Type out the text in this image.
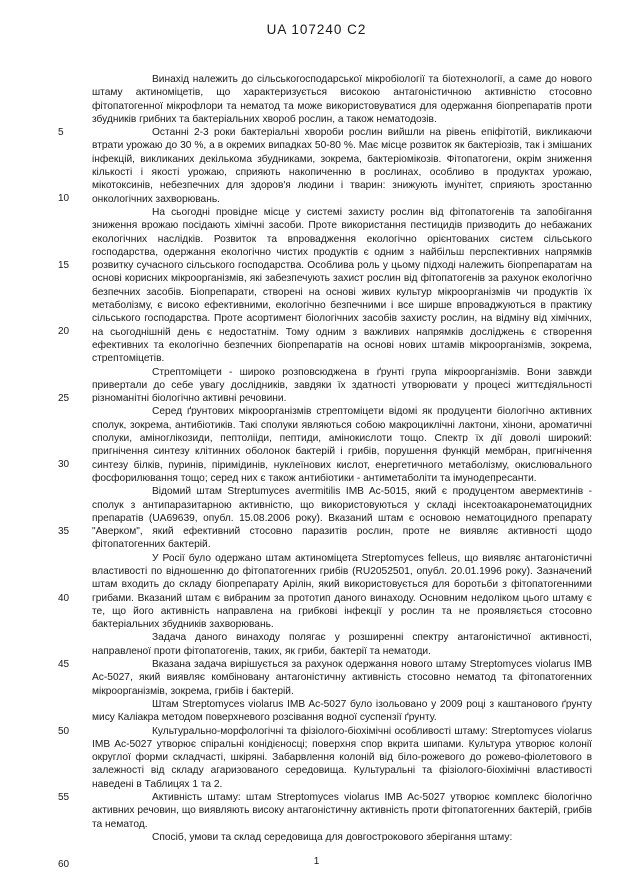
UA 107240 C2
5
10
15
20
25
30
35
40
45
50
55
60

Винахід належить до сільськогосподарської мікробіології та біотехнології, а саме до нового штаму актиноміцетів, що характеризується високою антагоністичною активністю стосовно фітопатогенної мікрофлори та нематод та може використовуватися для одержання біопрепаратів проти збудників грибних та бактеріальних хвороб рослин, а також нематодозів.

Останні 2-3 роки бактеріальні хвороби рослин вийшли на рівень епіфітотій, викликаючи втрати урожаю до 30 %, а в окремих випадках 50-80 %. Має місце розвиток як бактеріозів, так і змішаних інфекцій, викликаних декількома збудниками, зокрема, бактеріомікозів. Фітопатогени, окрім зниження кількості і якості урожаю, сприяють накопиченню в рослинах, особливо в продуктах урожаю, мікотоксинів, небезпечних для здоров'я людини і тварин: знижують імунітет, сприяють зростанню онкологічних захворювань.

На сьогодні провідне місце у системі захисту рослин від фітопатогенів та запобігання зниження врожаю посідають хімічні засоби. Проте використання пестицидів призводить до небажаних екологічних наслідків. Розвиток та впровадження екологічно орієнтованих систем сільського господарства, одержання екологічно чистих продуктів є одним з найбільш перспективних напрямків розвитку сучасного сільського господарства. Особлива роль у цьому підході належить біопрепаратам на основі корисних мікроорганізмів, які забезпечують захист рослин від фітопатогенів за рахунок екологічно безпечних засобів. Біопрепарати, створені на основі живих культур мікроорганізмів чи продуктів їх метаболізму, є високо ефективними, екологічно безпечними і все ширше впроваджуються в практику сільського господарства. Проте асортимент біологічних засобів захисту рослин, на відміну від хімічних, на сьогоднішній день є недостатнім. Тому одним з важливих напрямків досліджень є створення ефективних та екологічно безпечних біопрепаратів на основі нових штамів мікроорганізмів, зокрема, стрептоміцетів.

Стрептоміцети - широко розповсюджена в ґрунті група мікроорганізмів. Вони завжди привертали до себе увагу дослідників, завдяки їх здатності утворювати у процесі життєдіяльності різноманітні біологічно активні речовини.

Серед ґрунтових мікроорганізмів стрептоміцети відомі як продуценти біологічно активних сполук, зокрема, антибіотиків. Такі сполуки являються собою макроциклічні лактони, хінони, ароматичні сполуки, аміноглікозиди, пептолііди, пептиди, амінокислоти тощо. Спектр їх дії доволі широкий: пригнічення синтезу клітинних оболонок бактерій і грибів, порушення функцій мембран, пригнічення синтезу білків, пуринів, піримідинів, нуклеїнових кислот, енергетичного метаболізму, окислювального фосфорилювання тощо; серед них є також антибіотики - антиметаболіти та імунодепресанти.

Відомий штам Streptumyces avermitilis IMB Ac-5015, який є продуцентом авермектинів - сполук з антипаразитарною активністю, що використовуються у складі інсектоакаронематоцидних препаратів (UA69639, опубл. 15.08.2006 року). Вказаний штам є основою нематоцидного препарату "Аверком", який ефективний стосовно паразитів рослин, проте не виявляє активності щодо фітопатогенних бактерій.

У Росії було одержано штам актиноміцета Streptomyces felleus, що виявляє антагоністичні властивості по відношенню до фітопатогенних грибів (RU2052501, опубл. 20.01.1996 року). Зазначений штам входить до складу біопрепарату Арілін, який використовується для боротьби з фітопатогенними грибами. Вказаний штам є вибраним за прототип даного винаходу. Основним недоліком цього штаму є те, що його активність направлена на грибкові інфекції у рослин та не проявляється стосовно бактеріальних збудників захворювань.

Задача даного винаходу полягає у розширенні спектру антагоністичної активності, направленої проти фітопатогенів, таких, як гриби, бактерії та нематоди.

Вказана задача вирішується за рахунок одержання нового штаму Streptomyces violarus IMB Ac-5027, який виявляє комбіновану антагоністичну активність стосовно нематод та фітопатогенних мікроорганізмів, зокрема, грибів і бактерій.

Штам Streptomyces violarus IMB Ac-5027 було ізольовано у 2009 році з каштанового ґрунту мису Каліакра методом поверхневого розсівання водної суспензії ґрунту.

Культурально-морфологічні та фізіолого-біохімічні особливості штаму: Streptomyces violarus IMB Ac-5027 утворює спіральні конідієносці; поверхня спор вкрита шипами. Культура утворює колонії округлої форми складчасті, шкіряні. Забарвлення колоній від біло-рожевого до рожево-фіолетового в залежності від складу агаризованого середовища. Культуральні та фізіолого-біохімічні властивості наведені в Таблицях 1 та 2.

Активність штаму: штам Streptomyces violarus IMB Ac-5027 утворює комплекс біологічно активних речовин, що виявляють високу антагоністичну активність проти фітопатогенних бактерій, грибів та нематод.

Спосіб, умови та склад середовища для довгострокового зберігання штаму:

1
